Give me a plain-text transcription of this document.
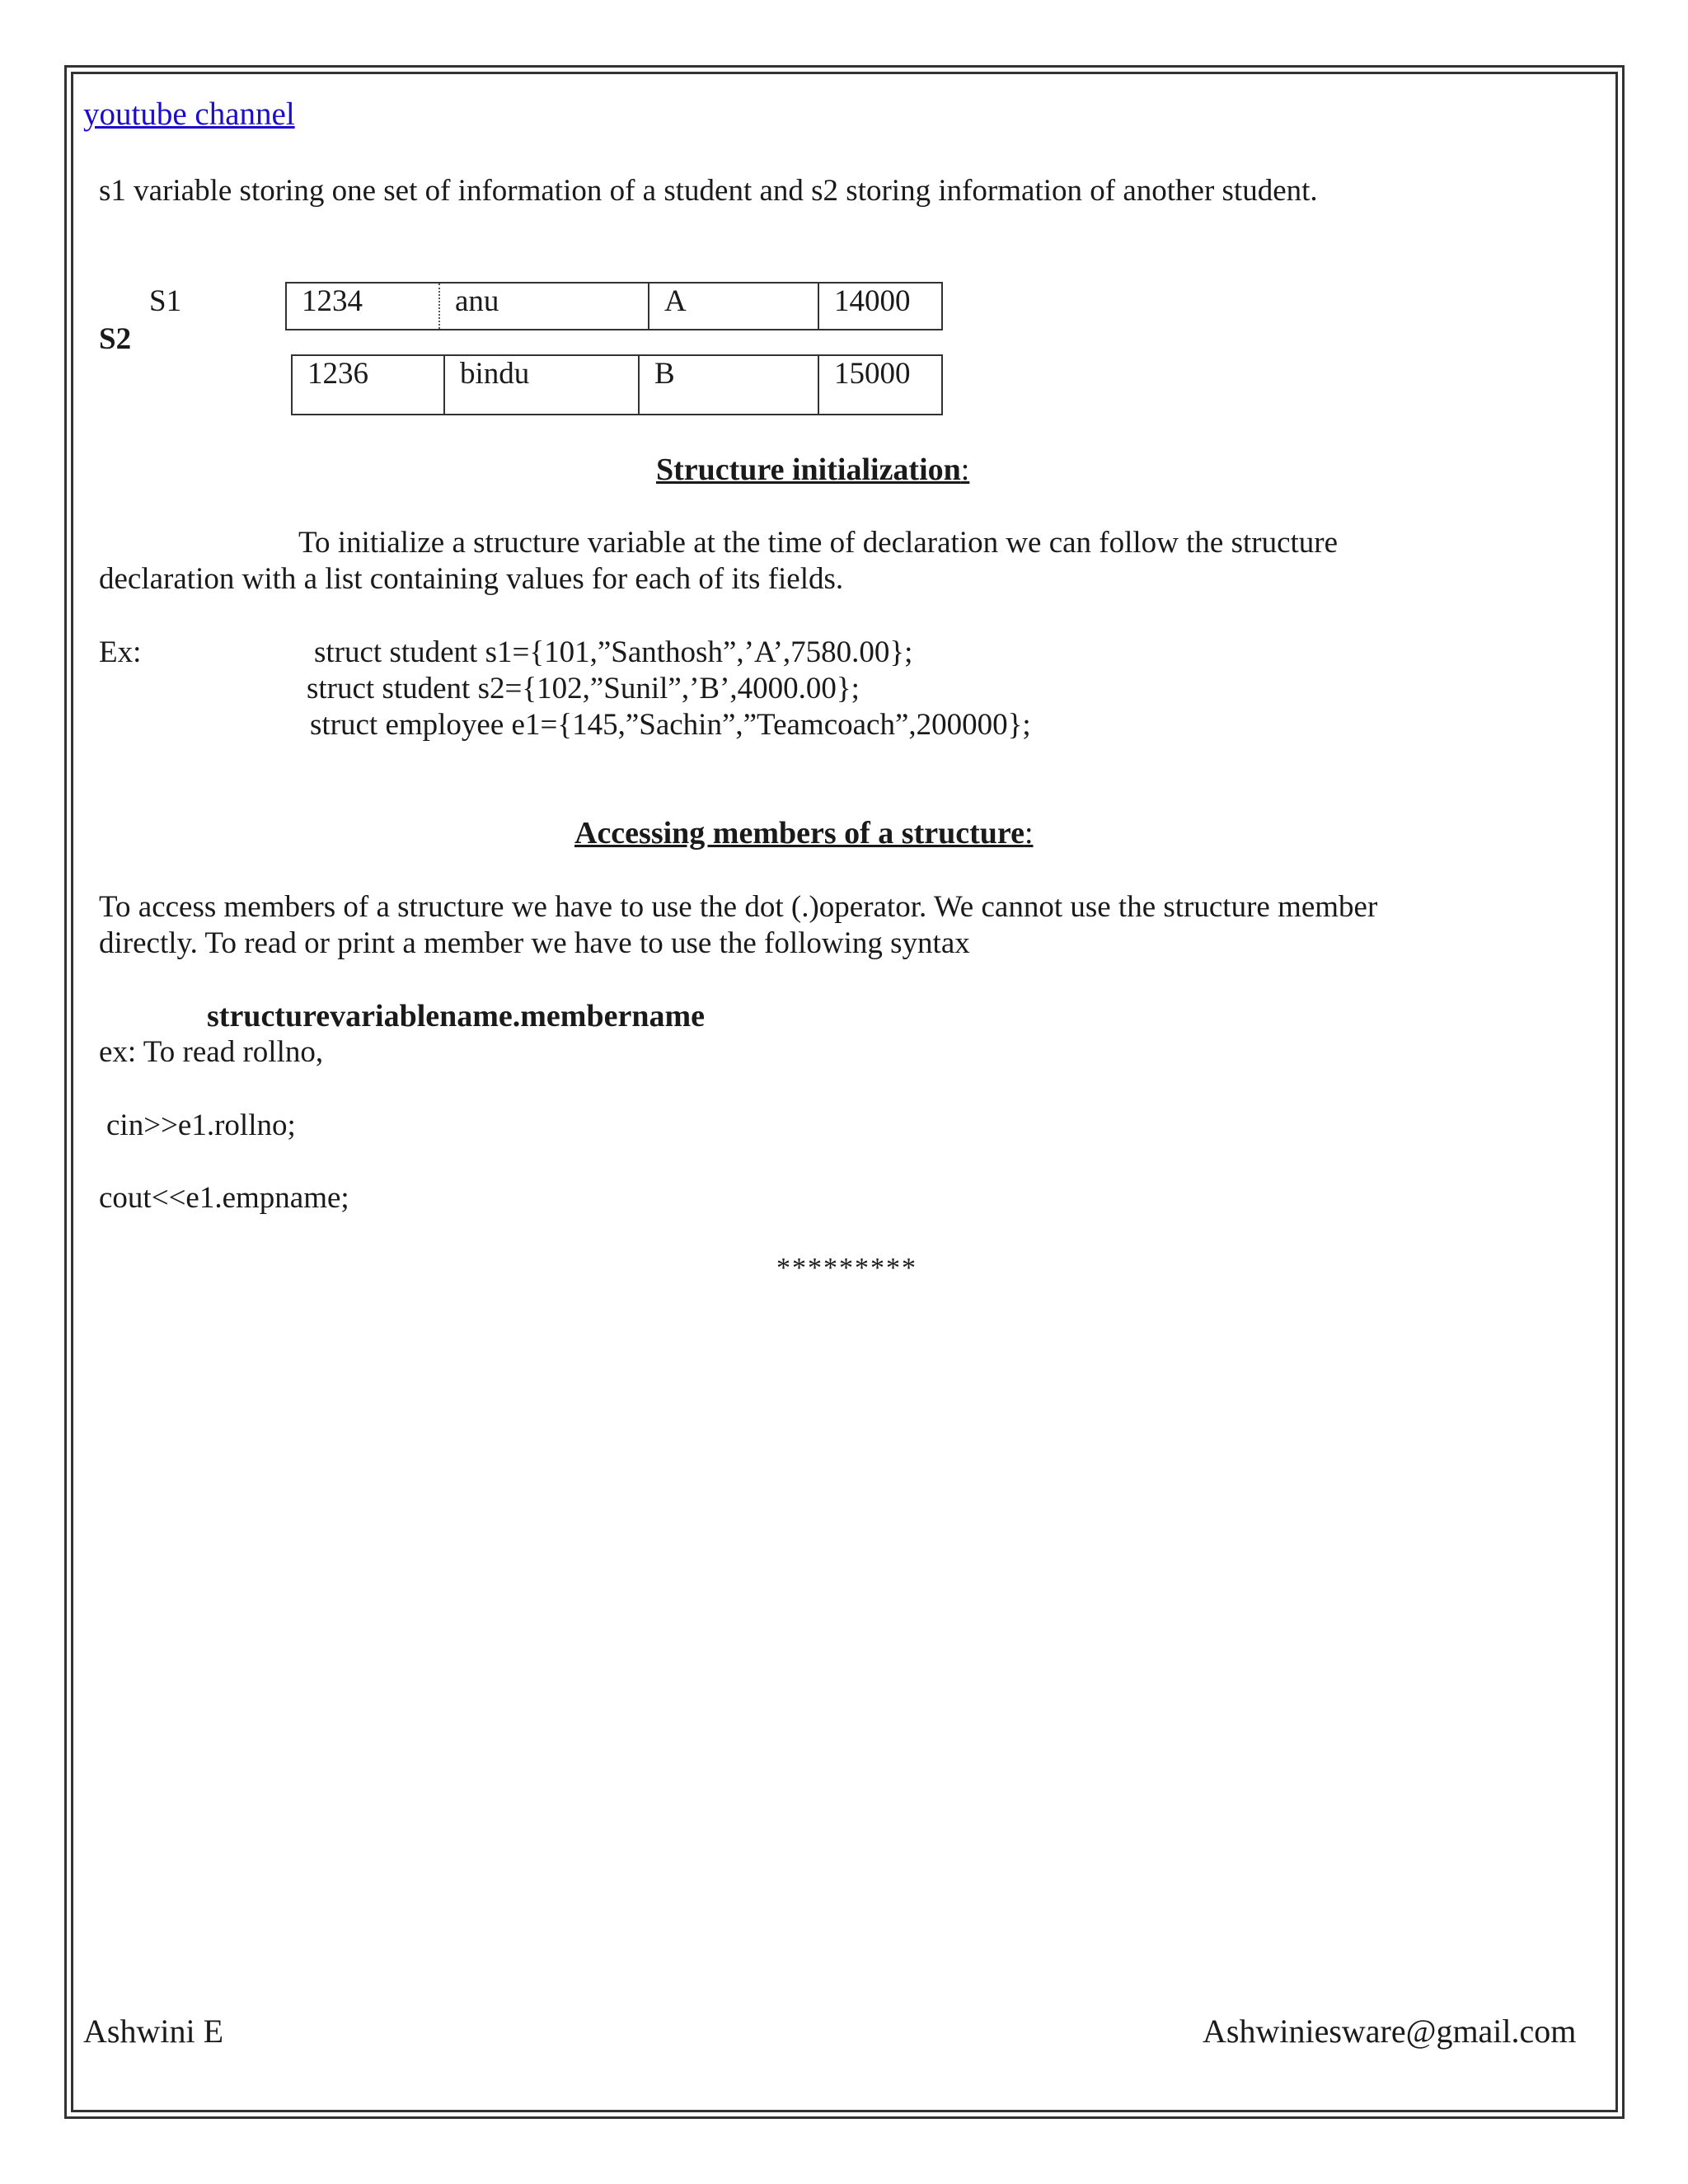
youtube channel
s1 variable storing one set of information of a student and s2 storing information of another student.
S1
S2
1234	anu	A	14000
1236	bindu	B	15000
Structure initialization:
To initialize a structure variable at the time of declaration we can follow the structure
declaration with a list containing values for each of its fields.
Ex:	struct student s1={101,”Santhosh”,’A’,7580.00};
struct student s2={102,”Sunil”,’B’,4000.00};
struct employee e1={145,”Sachin”,”Teamcoach”,200000};
Accessing members of a structure:
To access members of a structure we have to use the dot (.)operator. We cannot use the structure member
directly. To read or print a member we have to use the following syntax
structurevariablename.membername
ex: To read rollno,
cin>>e1.rollno;
cout<<e1.empname;
*********
Ashwini E	Ashwiniesware@gmail.com
